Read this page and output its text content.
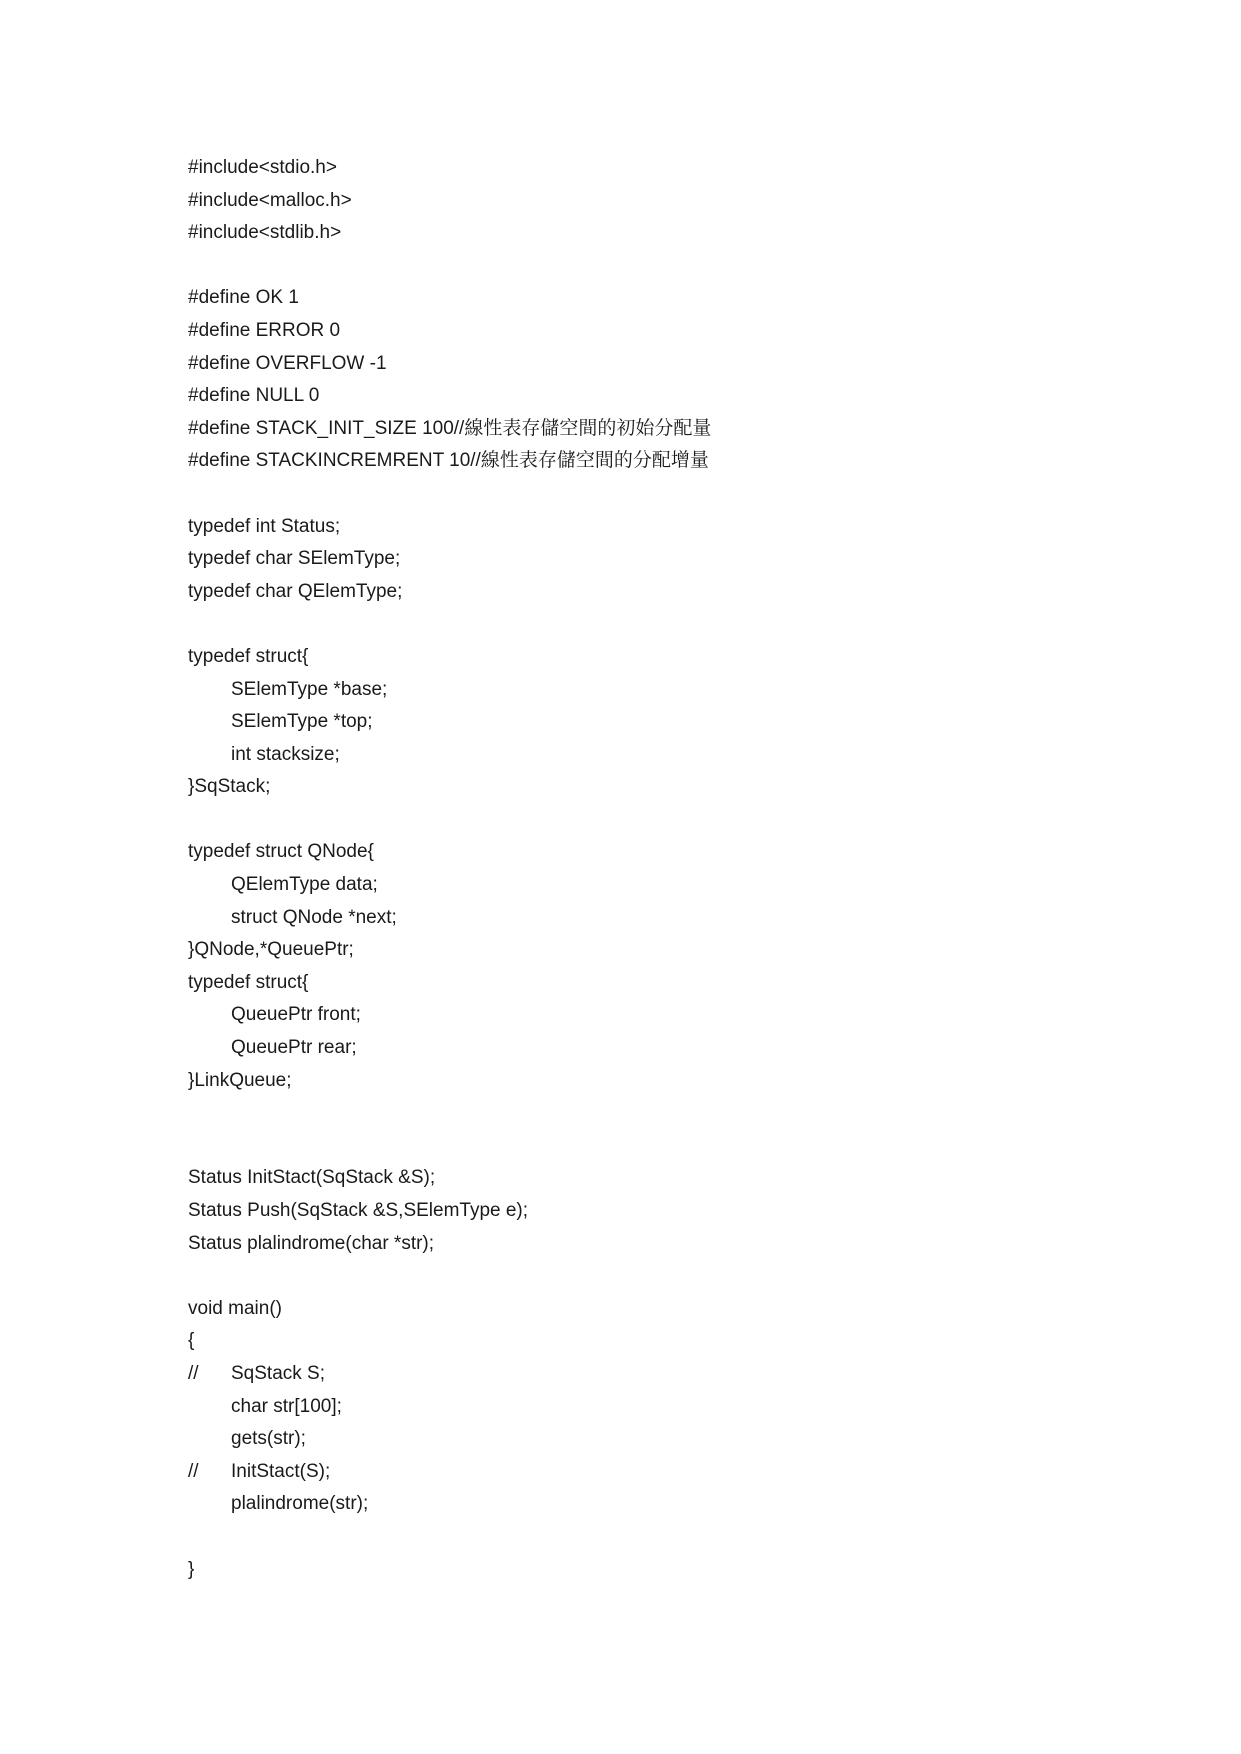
#include<stdio.h>
#include<malloc.h>
#include<stdlib.h>
#define OK 1
#define ERROR 0
#define OVERFLOW -1
#define NULL 0
#define STACK_INIT_SIZE 100//線性表存儲空間的初始分配量
#define STACKINCREMRENT 10//線性表存儲空間的分配增量
typedef int Status;
typedef char SElemType;
typedef char QElemType;
typedef struct{
SElemType *base;
SElemType *top;
int stacksize;
}SqStack;
typedef struct QNode{
QElemType data;
struct QNode *next;
}QNode,*QueuePtr;
typedef struct{
QueuePtr front;
QueuePtr rear;
}LinkQueue;
Status InitStact(SqStack &S);
Status Push(SqStack &S,SElemType e);
Status plalindrome(char *str);
void main()
{
//	SqStack S;
char str[100];
gets(str);
//	InitStact(S);
plalindrome(str);
}
